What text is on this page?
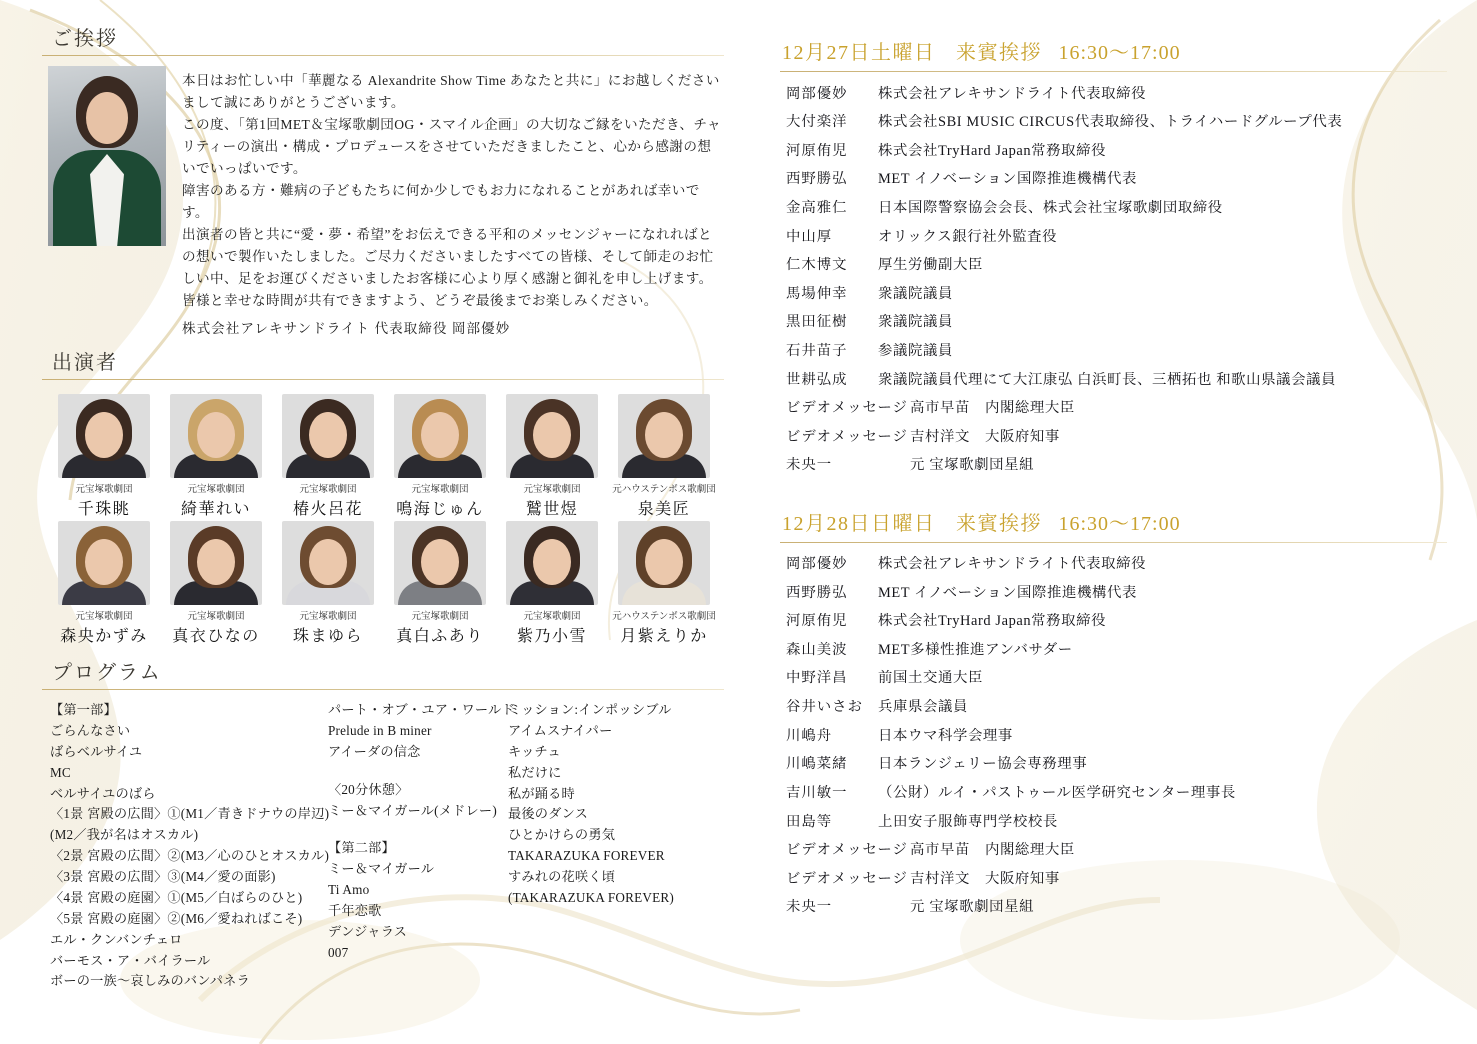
ご挨拶

本日はお忙しい中「華麗なる Alexandrite Show Time あなたと共に」にお越しくださいまして誠にありがとうございます。

この度、「第1回MET＆宝塚歌劇団OG・スマイル企画」の大切なご縁をいただき、チャリティーの演出・構成・プロデュースをさせていただきましたこと、心から感謝の想いでいっぱいです。

障害のある方・難病の子どもたちに何か少しでもお力になれることがあれば幸いです。

出演者の皆と共に“愛・夢・希望”をお伝えできる平和のメッセンジャーになれればとの想いで製作いたしました。ご尽力くださいましたすべての皆様、そして師走のお忙しい中、足をお運びくださいましたお客様に心より厚く感謝と御礼を申し上げます。

皆様と幸せな時間が共有できますよう、どうぞ最後までお楽しみください。

株式会社アレキサンドライト 代表取締役 岡部優妙
出演者
元宝塚歌劇団
千珠眺
元宝塚歌劇団
綺華れい
元宝塚歌劇団
椿火呂花
元宝塚歌劇団
鳴海じゅん
元宝塚歌劇団
鷲世煜
元ハウステンボス歌劇団
泉美匠
元宝塚歌劇団
森央かずみ
元宝塚歌劇団
真衣ひなの
元宝塚歌劇団
珠まゆら
元宝塚歌劇団
真白ふあり
元宝塚歌劇団
紫乃小雪
元ハウステンボス歌劇団
月紫えりか
プログラム
【第一部】
ごらんなさい
ばらベルサイユ
MC
ベルサイユのばら
〈1景 宮殿の広間〉①(M1／青きドナウの岸辺)
(M2／我が名はオスカル)
〈2景 宮殿の広間〉②(M3／心のひとオスカル)
〈3景 宮殿の広間〉③(M4／愛の面影)
〈4景 宮殿の庭園〉①(M5／白ばらのひと)
〈5景 宮殿の庭園〉②(M6／愛ねればこそ)
エル・クンバンチェロ
バーモス・ア・バイラール
ボーの一族〜哀しみのバンパネラ
パート・オブ・ユア・ワールド
Prelude in B miner
アイーダの信念
〈20分休憩〉
ミー＆マイガール(メドレー)
【第二部】
ミー＆マイガール
Ti Amo
千年恋歌
デンジャラス
007
ミッション:インポッシブル
アイムスナイパー
キッチュ
私だけに
私が踊る時
最後のダンス
ひとかけらの勇気
TAKARAZUKA FOREVER
すみれの花咲く頃
(TAKARAZUKA FOREVER)
12月27日土曜日 来賓挨拶 16:30〜17:00
岡部優妙	株式会社アレキサンドライト代表取締役
大付楽洋	株式会社SBI MUSIC CIRCUS代表取締役、トライハードグループ代表
河原侑児	株式会社TryHard Japan常務取締役
西野勝弘	MET イノベーション国際推進機構代表
金高雅仁	日本国際警察協会会長、株式会社宝塚歌劇団取締役
中山厚	オリックス銀行社外監査役
仁木博文	厚生労働副大臣
馬場伸幸	衆議院議員
黒田征樹	衆議院議員
石井苗子	参議院議員
世耕弘成	衆議院議員代理にて大江康弘 白浜町長、三栖拓也 和歌山県議会議員
ビデオメッセージ 高市早苗　内閣総理大臣
ビデオメッセージ 吉村洋文　大阪府知事
未央一	元 宝塚歌劇団星組
12月28日日曜日 来賓挨拶 16:30〜17:00
岡部優妙	株式会社アレキサンドライト代表取締役
西野勝弘	MET イノベーション国際推進機構代表
河原侑児	株式会社TryHard Japan常務取締役
森山美波	MET多様性推進アンバサダー
中野洋昌	前国土交通大臣
谷井いさお	兵庫県会議員
川嶋舟	日本ウマ科学会理事
川嶋菜緒	日本ランジェリー協会専務理事
吉川敏一	（公財）ルイ・パストゥール医学研究センター理事長
田島等	上田安子服飾専門学校校長
ビデオメッセージ 高市早苗　内閣総理大臣
ビデオメッセージ 吉村洋文　大阪府知事
未央一	元 宝塚歌劇団星組
